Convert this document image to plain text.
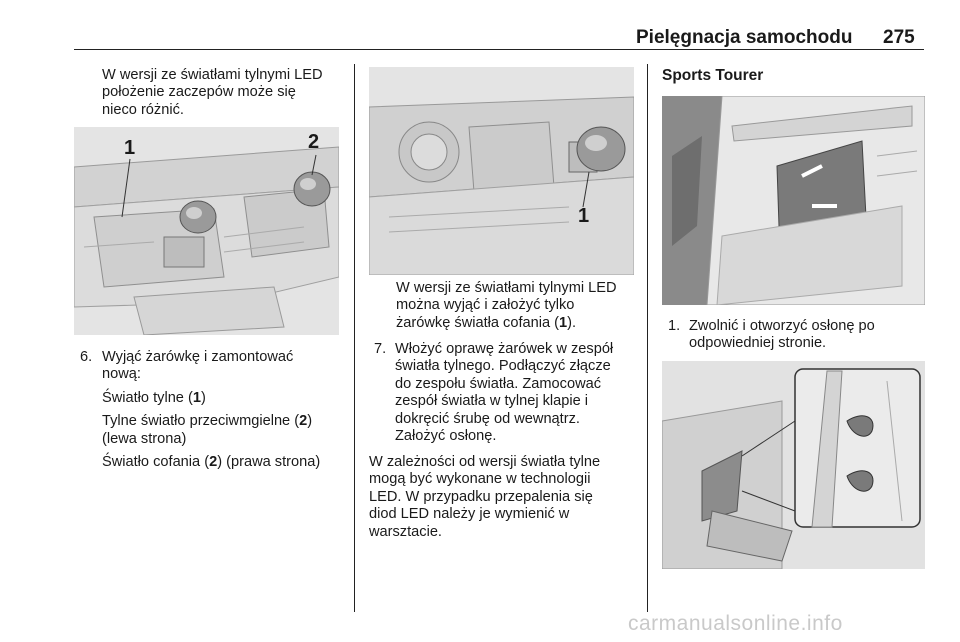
Pielęgnacja samochodu 275
W wersji ze światłami tylnymi LED
położenie zaczepów może się
nieco różnić.
1	2
6. Wyjąć żarówkę i zamontować
nową:
Światło tylne (1)
Tylne światło przeciwmgielne (2)
(lewa strona)
Światło cofania (2) (prawa strona)
1
W wersji ze światłami tylnymi LED
można wyjąć i założyć tylko
żarówkę światła cofania (1).
7. Włożyć oprawę żarówek w zespół
światła tylnego. Podłączyć złącze
do zespołu światła. Zamocować
zespół światła w tylnej klapie i
dokręcić śrubę od wewnątrz.
Założyć osłonę.
W zależności od wersji światła tylne
mogą być wykonane w technologii
LED. W przypadku przepalenia się
diod LED należy je wymienić w
warsztacie.
Sports Tourer
1. Zwolnić i otworzyć osłonę po
odpowiedniej stronie.
carmanualsonline.info
